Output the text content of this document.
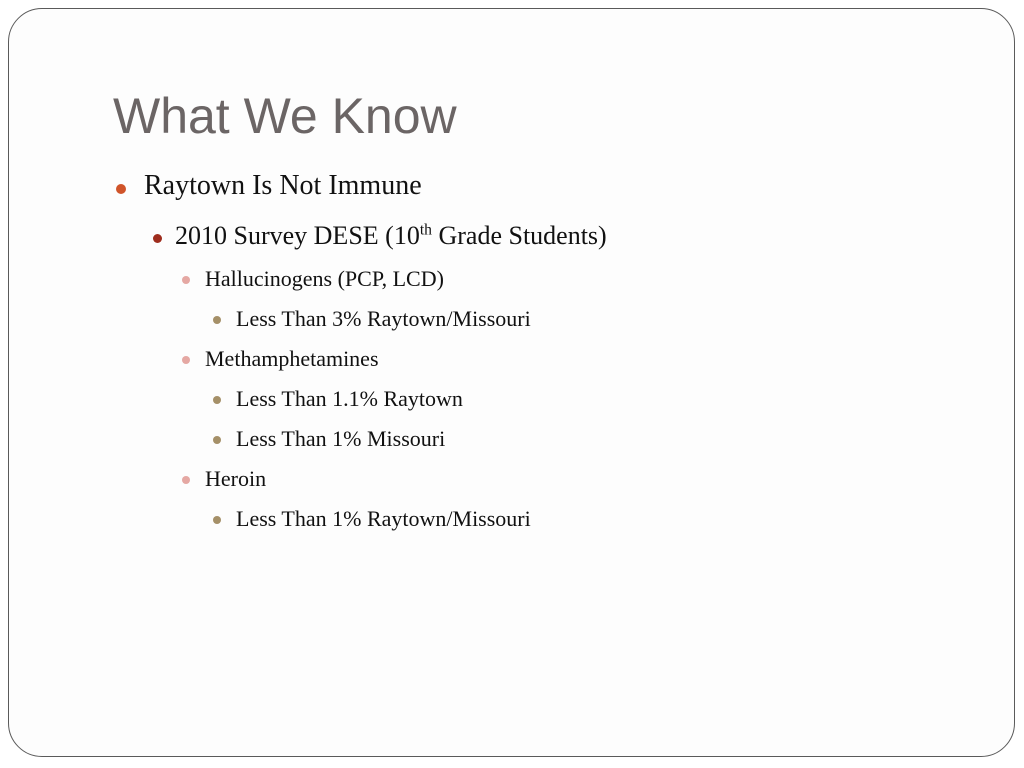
What We Know
Raytown Is Not Immune
2010 Survey DESE (10th Grade Students)
Hallucinogens (PCP, LCD)
Less Than 3% Raytown/Missouri
Methamphetamines
Less Than 1.1% Raytown
Less Than 1% Missouri
Heroin
Less Than 1% Raytown/Missouri
